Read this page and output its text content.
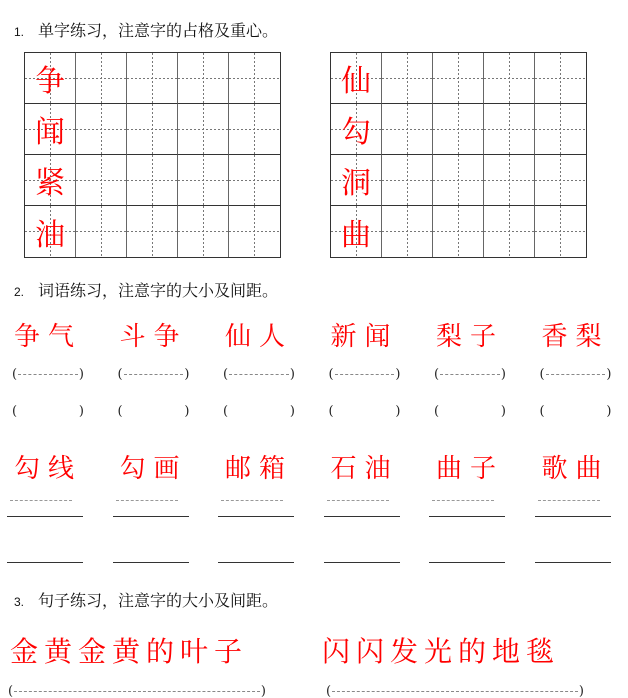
1. 单字练习，注意字的占格及重心。
争
闻
紧
油
仙
勾
洞
曲
2. 词语练习，注意字的大小及间距。
争气
(	)
(	)
勾线
斗争
(	)
(	)
勾画
仙人
(	)
(	)
邮箱
新闻
(	)
(	)
石油
梨子
(	)
(	)
曲子
香梨
(	)
(	)
歌曲
3. 句子练习，注意字的大小及间距。
金黄金黄的叶子	闪闪发光的地毯
(	)	(	)
